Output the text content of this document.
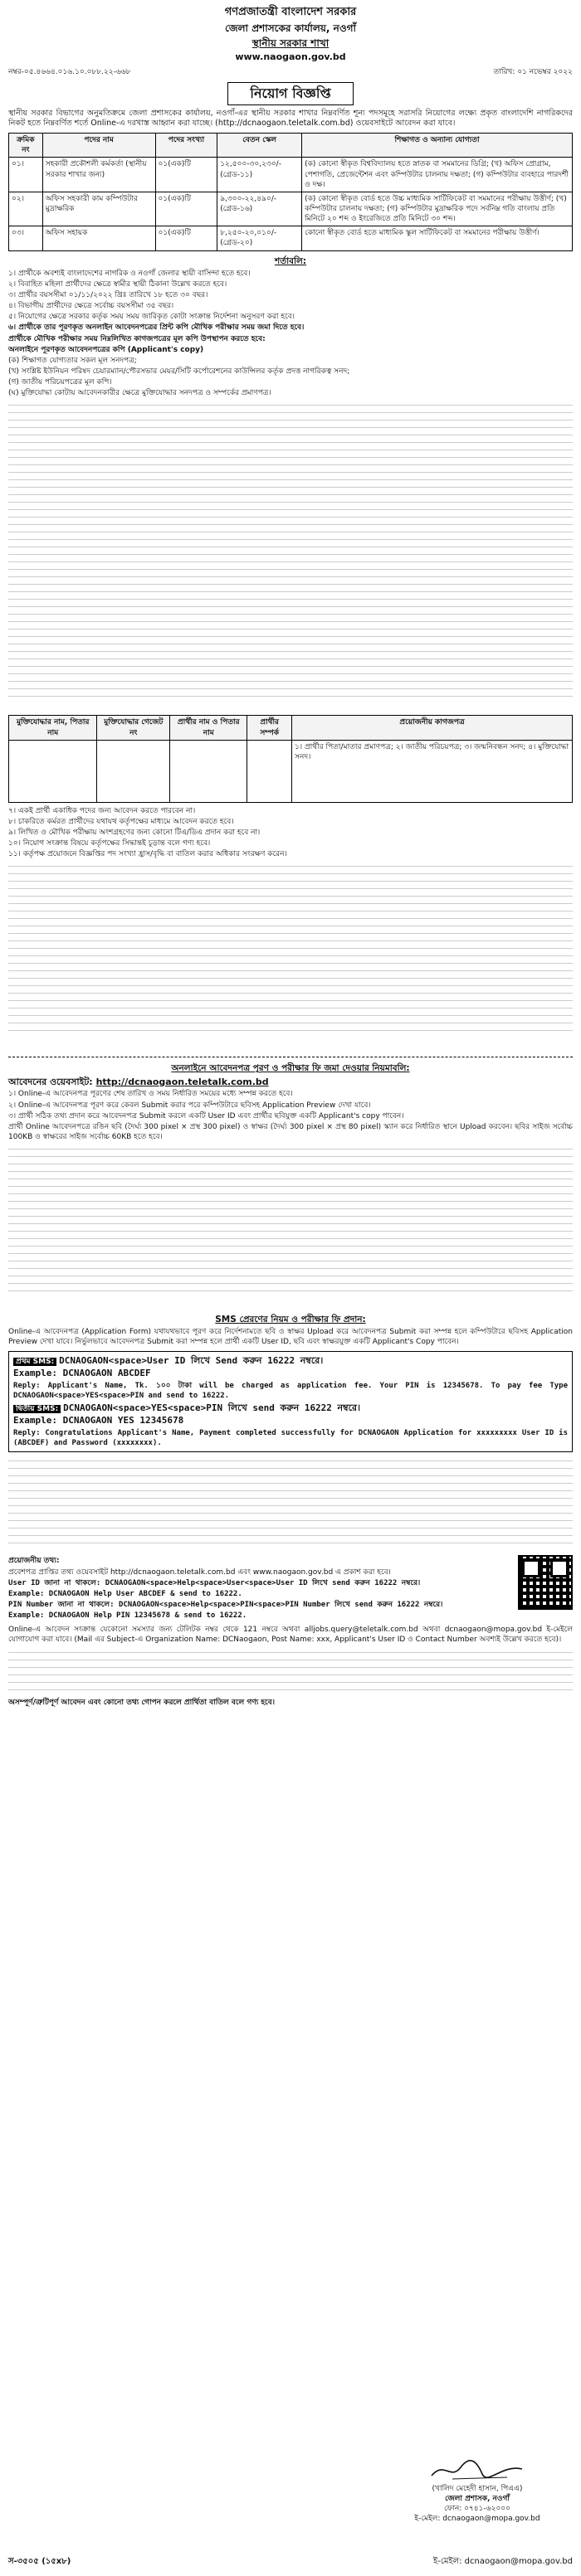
গণপ্রজাতন্ত্রী বাংলাদেশ সরকার
জেলা প্রশাসকের কার্যালয়, নওগাঁ
স্থানীয় সরকার শাখা
www.naogaon.gov.bd
নম্বর-০৫.৪৬৬৪.০১৬.১০.০৮৮.২২-৬৬৮	তারিখ: ০১ নভেম্বর ২০২২
নিয়োগ বিজ্ঞপ্তি
স্থানীয় সরকার বিভাগের অনুমতিক্রমে জেলা প্রশাসকের কার্যালয়, নওগাঁ-এর স্থানীয় সরকার শাখার নিম্নবর্ণিত শূন্য পদসমূহে সরাসরি নিয়োগের লক্ষ্যে প্রকৃত বাংলাদেশি নাগরিকদের নিকট হতে নিম্নবর্ণিত শর্তে Online-এ দরখাস্ত আহ্বান করা যাচ্ছে। (http://dcnaogaon.teletalk.com.bd) ওয়েবসাইটে আবেদন করা যাবে।
ক্রমিক নং	পদের নাম	পদের সংখ্যা	বেতন স্কেল	শিক্ষাগত ও অন্যান্য যোগ্যতা
০১।	সহকারী প্রকৌশলী কর্মকর্তা (স্থানীয় সরকার শাখার জন্য)	০১(এক)টি	১২,৫০০-৩০,২৩০/- (গ্রেড-১১)	(ক) কোনো স্বীকৃত বিশ্ববিদ্যালয় হতে স্নাতক বা সমমানের ডিগ্রি; (খ) অফিস প্রোগ্রাম, পেশাগতি, প্রেজেন্টেশন এবং কম্পিউটার চালনায় দক্ষতা; (গ) কম্পিউটার ব্যবহারে পারদর্শী ও দক্ষ।
০২।	অফিস সহকারী কাম কম্পিউটার মুদ্রাক্ষরিক	০১(এক)টি	৯,৩০০-২২,৪৯০/- (গ্রেড-১৬)	(ক) কোনো স্বীকৃত বোর্ড হতে উচ্চ মাধ্যমিক সার্টিফিকেট বা সমমানের পরীক্ষায় উত্তীর্ণ; (খ) কম্পিউটার চালনায় দক্ষতা; (গ) কম্পিউটার মুদ্রাক্ষরিক পদে সর্বনিম্ন গতি বাংলায় প্রতি মিনিটে ২০ শব্দ ও ইংরেজিতে প্রতি মিনিটে ৩০ শব্দ।
০৩।	অফিস সহায়ক	০১(এক)টি	৮,২৫০-২০,০১০/- (গ্রেড-২০)	কোনো স্বীকৃত বোর্ড হতে মাধ্যমিক স্কুল সার্টিফিকেট বা সমমানের পরীক্ষায় উত্তীর্ণ।
শর্তাবলি:
১। প্রার্থীকে অবশ্যই বাংলাদেশের নাগরিক ও নওগাঁ জেলার স্থায়ী বাসিন্দা হতে হবে।
২। বিবাহিত মহিলা প্রার্থীদের ক্ষেত্রে স্বামীর স্থায়ী ঠিকানা উল্লেখ করতে হবে।
৩। প্রার্থীর বয়সসীমা ০১/১১/২০২২ খ্রিঃ তারিখে ১৮ হতে ৩০ বছর।
৪। বিভাগীয় প্রার্থীদের ক্ষেত্রে সর্বোচ্চ বয়সসীমা ৩৫ বছর।
৫। নিয়োগের ক্ষেত্রে সরকার কর্তৃক সময় সময় জারিকৃত কোটা সংক্রান্ত নির্দেশনা অনুসরণ করা হবে।
৬। প্রার্থীকে তার পূরণকৃত অনলাইন আবেদনপত্রের প্রিন্ট কপি মৌখিক পরীক্ষার সময় জমা দিতে হবে।
প্রার্থীকে মৌখিক পরীক্ষার সময় নিম্নলিখিত কাগজপত্রের মূল কপি উপস্থাপন করতে হবে:
অনলাইনে পূরণকৃত আবেদনপত্রের কপি (Applicant's copy)
(ক) শিক্ষাগত যোগ্যতার সকল মূল সনদপত্র;
(খ) সংশ্লিষ্ট ইউনিয়ন পরিষদ চেয়ারম্যান/পৌরসভার মেয়র/সিটি কর্পোরেশনের কাউন্সিলর কর্তৃক প্রদত্ত নাগরিকত্ব সনদ;
(গ) জাতীয় পরিচয়পত্রের মূল কপি।
(ঘ) মুক্তিযোদ্ধা কোটায় আবেদনকারীর ক্ষেত্রে মুক্তিযোদ্ধার সনদপত্র ও সম্পর্কের প্রমাণপত্র।
মুক্তিযোদ্ধার নাম, পিতার নাম	মুক্তিযোদ্ধার গেজেট নং	প্রার্থীর নাম ও পিতার নাম	প্রার্থীর সম্পর্ক	প্রয়োজনীয় কাগজপত্র
				১। প্রার্থীর পিতা/মাতার প্রমাণপত্র; ২। জাতীয় পরিচয়পত্র; ৩। জন্মনিবন্ধন সনদ; ৪। মুক্তিযোদ্ধা সনদ।
৭। একই প্রার্থী একাধিক পদের জন্য আবেদন করতে পারবেন না।
৮। চাকরিতে কর্মরত প্রার্থীদের যথাযথ কর্তৃপক্ষের মাধ্যমে আবেদন করতে হবে।
৯। লিখিত ও মৌখিক পরীক্ষায় অংশগ্রহণের জন্য কোনো টিএ/ডিএ প্রদান করা হবে না।
১০। নিয়োগ সংক্রান্ত বিষয়ে কর্তৃপক্ষের সিদ্ধান্তই চূড়ান্ত বলে গণ্য হবে।
১১। কর্তৃপক্ষ প্রয়োজনে বিজ্ঞপ্তির পদ সংখ্যা হ্রাস/বৃদ্ধি বা বাতিল করার অধিকার সংরক্ষণ করেন।
অনলাইনে আবেদনপত্র পূরণ ও পরীক্ষার ফি জমা দেওয়ার নিয়মাবলি:
আবেদনের ওয়েবসাইট: http://dcnaogaon.teletalk.com.bd
১। Online-এ আবেদনপত্র পূরণের শেষ তারিখ ও সময় নির্ধারিত সময়ের মধ্যে সম্পন্ন করতে হবে।
২। Online-এ আবেদনপত্র পূরণ করে কেবল Submit করার পরে কম্পিউটারে ছবিসহ Application Preview দেখা যাবে।
৩। প্রার্থী সঠিক তথ্য প্রদান করে আবেদনপত্র Submit করলে একটি User ID এবং প্রার্থীর ছবিযুক্ত একটি Applicant's copy পাবেন।
প্রার্থী Online আবেদনপত্রে রঙিন ছবি (দৈর্ঘ্য 300 pixel × প্রস্থ 300 pixel) ও স্বাক্ষর (দৈর্ঘ্য 300 pixel × প্রস্থ 80 pixel) স্ক্যান করে নির্ধারিত স্থানে Upload করবেন। ছবির সাইজ সর্বোচ্চ 100KB ও স্বাক্ষরের সাইজ সর্বোচ্চ 60KB হতে হবে।
SMS প্রেরণের নিয়ম ও পরীক্ষার ফি প্রদান:
Online-এ আবেদনপত্র (Application Form) যথাযথভাবে পূরণ করে নির্দেশনামতে ছবি ও স্বাক্ষর Upload করে আবেদনপত্র Submit করা সম্পন্ন হলে কম্পিউটারে ছবিসহ Application Preview দেখা যাবে। নির্ভুলভাবে আবেদনপত্র Submit করা সম্পন্ন হলে প্রার্থী একটি User ID, ছবি এবং স্বাক্ষরযুক্ত একটি Applicant's Copy পাবেন।
প্রথম SMS: DCNAOGAON<space>User ID লিখে Send করুন 16222 নম্বরে।
Example: DCNAOGAON ABCDEF
Reply: Applicant's Name, Tk. ১০০ টাকা will be charged as application fee. Your PIN is 12345678. To pay fee Type DCNAOGAON<space>YES<space>PIN and send to 16222.
দ্বিতীয় SMS: DCNAOGAON<space>YES<space>PIN লিখে send করুন 16222 নম্বরে।
Example: DCNAOGAON YES 12345678
Reply: Congratulations Applicant's Name, Payment completed successfully for DCNAOGAON Application for xxxxxxxxx User ID is (ABCDEF) and Password (xxxxxxxx).
প্রয়োজনীয় তথ্য:
প্রবেশপত্র প্রাপ্তির তথ্য ওয়েবসাইট http://dcnaogaon.teletalk.com.bd এবং www.naogaon.gov.bd এ প্রকাশ করা হবে।
User ID জানা না থাকলে: DCNAOGAON<space>Help<space>User<space>User ID লিখে send করুন 16222 নম্বরে।
Example: DCNAOGAON Help User ABCDEF & send to 16222.
PIN Number জানা না থাকলে: DCNAOGAON<space>Help<space>PIN<space>PIN Number লিখে send করুন 16222 নম্বরে।
Example: DCNAOGAON Help PIN 12345678 & send to 16222.
Online-এ আবেদন সংক্রান্ত যেকোনো সমস্যার জন্য টেলিটক নম্বর থেকে 121 নম্বরে অথবা alljobs.query@teletalk.com.bd অথবা dcnaogaon@mopa.gov.bd ই-মেইলে যোগাযোগ করা যাবে। (Mail এর Subject-এ Organization Name: DCNaogaon, Post Name: xxx, Applicant's User ID ও Contact Number অবশ্যই উল্লেখ করতে হবে)।
অসম্পূর্ণ/ত্রুটিপূর্ণ আবেদন এবং কোনো তথ্য গোপন করলে প্রার্থিতা বাতিল বলে গণ্য হবে।
(খালিদ মেহেদী হাসান, পিএএ)
জেলা প্রশাসক, নওগাঁ
ফোন: ০৭৪১-৬২০০০
ই-মেইল: dcnaogaon@mopa.gov.bd
স-৩৫০৫ (১৫x৮)	ই-মেইল: dcnaogaon@mopa.gov.bd
